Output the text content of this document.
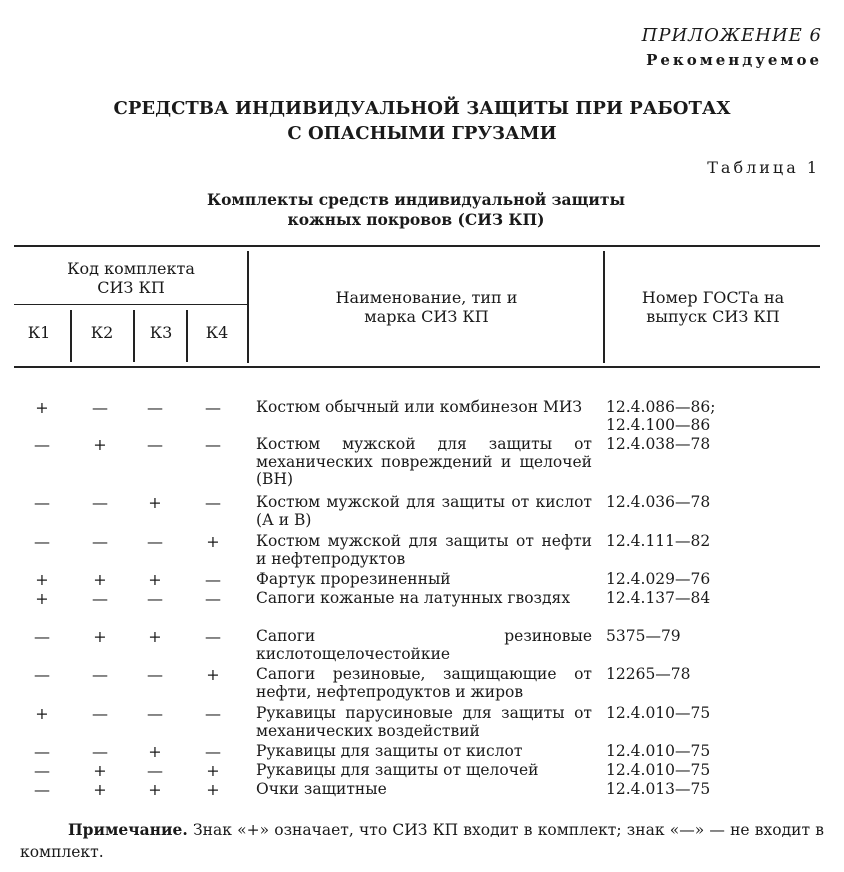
ПРИЛОЖЕНИЕ 6
Рекомендуемое
СРЕДСТВА ИНДИВИДУАЛЬНОЙ ЗАЩИТЫ ПРИ РАБОТАХ
С ОПАСНЫМИ ГРУЗАМИ
Таблица 1
Комплекты средств индивидуальной защиты
кожных покровов (СИЗ КП)
Код комплекта
СИЗ КП
К1	К2	К3	К4
Наименование, тип и
марка СИЗ КП
Номер ГОСТа на
выпуск СИЗ КП
+	—	—	—	Костюм обычный или комбинезон МИЗ	12.4.086—86;
12.4.100—86
—	+	—	—	Костюм мужской для защиты от механических повреждений и щелочей (ВН)
12.4.038—78
—	—	+	—	Костюм мужской для защиты от кислот (А и В)
12.4.036—78
—	—	—	+	Костюм мужской для защиты от нефти и нефтепродуктов
12.4.111—82
+	+	+	—	Фартук прорезиненный	12.4.029—76
+	—	—	—	Сапоги кожаные на латунных гвоздях	12.4.137—84
—	+	+	—	Сапоги резиновые кислотощелочестойкие
5375—79
—	—	—	+	Сапоги резиновые, защищающие от нефти, нефтепродуктов и жиров
12265—78
+	—	—	—	Рукавицы парусиновые для защиты от механических воздействий
12.4.010—75
—	—	+	—	Рукавицы для защиты от кислот	12.4.010—75
—	+	—	+	Рукавицы для защиты от щелочей	12.4.010—75
—	+	+	+	Очки защитные	12.4.013—75
Примечание. Знак «+» означает, что СИЗ КП входит в комплект; знак «—» — не входит в комплект.
